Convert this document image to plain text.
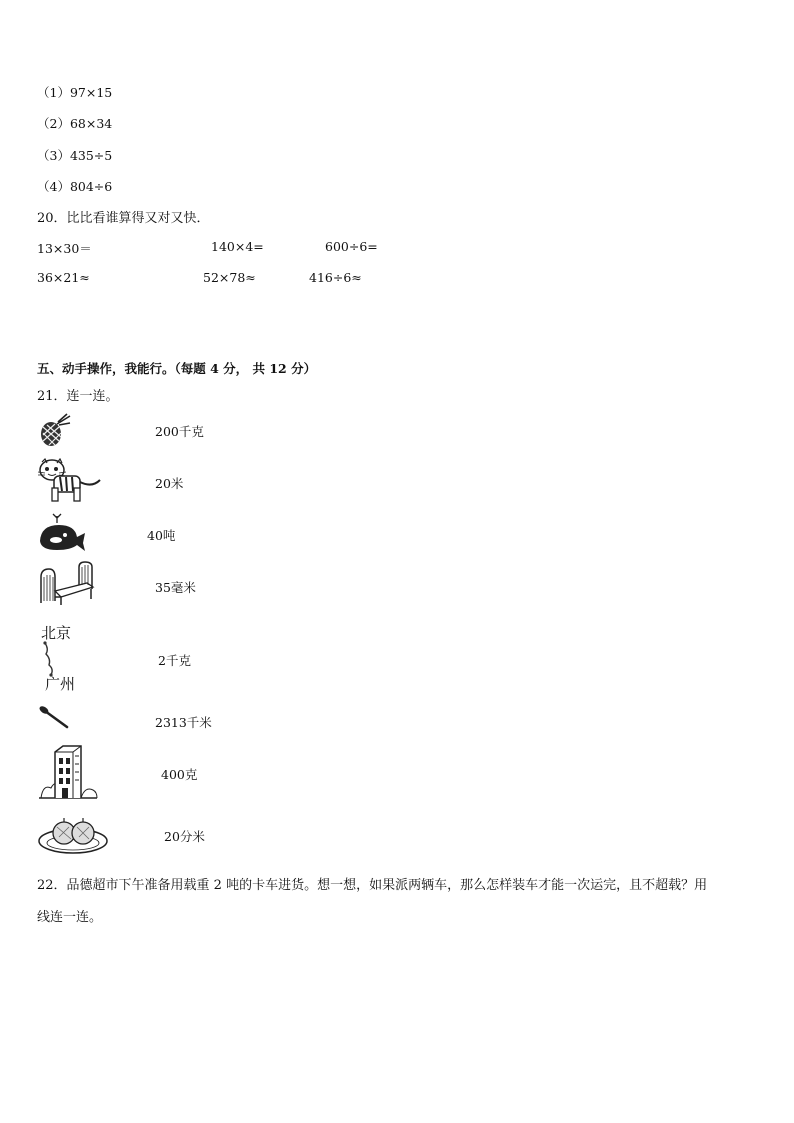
（1）97×15
（2）68×34
（3）435÷5
（4）804÷6
20．比比看谁算得又对又快．
13×30＝	140×4=	600÷6=
36×21≈	52×78≈	416÷6≈
五、动手操作，我能行。（每题 4 分， 共 12 分）
21．连一连。
200千克
20米
40吨
35毫米
北京
广州
2千克
2313千米
400克
20分米
22．品德超市下午准备用载重 2 吨的卡车进货。想一想，如果派两辆车，那么怎样装车才能一次运完，且不超载？用
线连一连。
